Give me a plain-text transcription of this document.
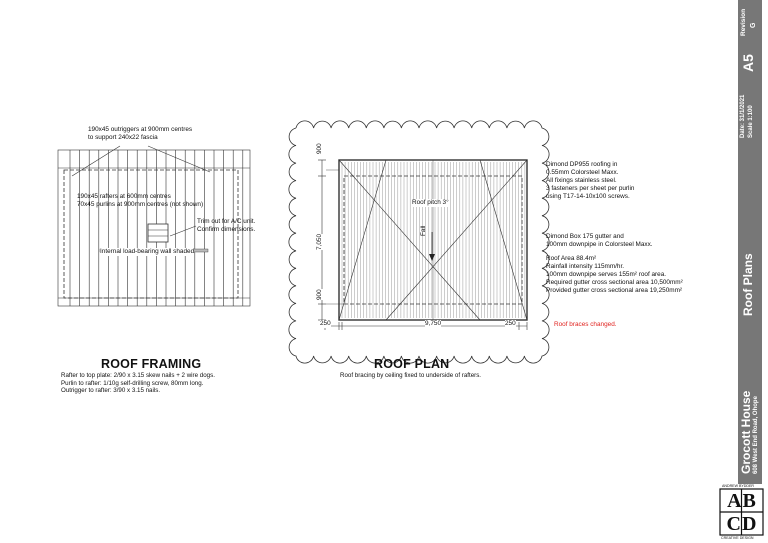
190x45 outriggers at 900mm centres
to support 240x22 fascia
190x45 rafters at 600mm centres
70x45 purlins at 900mm centres (not shown)
Trim out for A/C unit.
Confirm dimensions.
Internal load-bearing wall shaded
ROOF FRAMING
Rafter to top plate: 2/90 x 3.15 skew nails + 2 wire dogs.
Purlin to rafter: 1/10g self-drilling screw, 80mm long.
Outrigger to rafter: 3/90 x 3.15 nails.
Roof pitch 3°
Fall
250	9,750	250
900
7,050
900
ROOF PLAN
Roof bracing by ceiling fixed to underside of rafters.
Dimond DP955 roofing in
0.55mm Colorsteel Maxx.
All fixings stainless steel.
3 fasteners per sheet per purlin
using T17-14-10x100 screws.
Dimond Box 175 gutter and
100mm downpipe in Colorsteel Maxx.
Roof Area 88.4m²
Rainfall intensity 115mm/hr.
100mm downpipe serves 155m² roof area.
Required gutter cross sectional area 10,500mm²
Provided gutter cross sectional area 19,250mm²
Roof braces changed.
Revision G
A5
Date: 31/1/2021 Scale 1:100
Roof Plans
Grocott House 608 West End Road, Ohope
ANDREW BYDDER
AB
CD
CREATIVE DESIGN
